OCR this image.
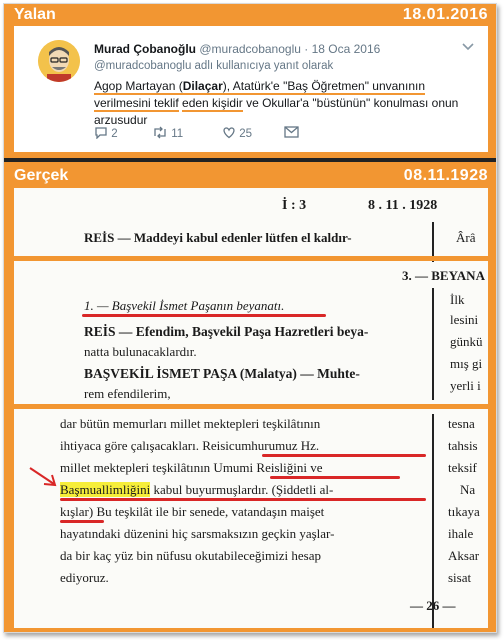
Yalan	18.01.2016
Murad Çobanoğlu @muradcobanoglu · 18 Oca 2016
@muradcobanoglu adlı kullanıcıya yanıt olarak
Agop Martayan (Dilaçar), Atatürk'e "Baş Öğretmen" unvanının verilmesini teklif eden kişidir ve Okullar'a "büstünün" konulması onun arzusudur
2	11	25
Gerçek	08.11.1928
İ : 3	8 . 11 . 1928
REİS — Maddeyi kabul edenler lütfen el kaldır-	Ârâ
3. — BEYANA
1. — Başvekil İsmet Paşanın beyanatı.	İlk
lesini
günkü
mış gi
yerli i
REİS — Efendim, Başvekil Paşa Hazretleri beya-
natta bulunacaklardır.
BAŞVEKİL İSMET PAŞA (Malatya) — Muhte-
rem efendilerim,
dar bütün memurları millet mektepleri teşkilâtının
ihtiyaca göre çalışacakları. Reisicumhurumuz Hz.
millet mektepleri teşkilâtının Umumi Reisliğini ve
Başmuallimliğini kabul buyurmuşlardır. (Şiddetli al-
kışlar) Bu teşkilât ile bir senede, vatandaşın maişet
hayatındaki düzenini hiç sarsmaksızın geçkin yaşlar-
da bir kaç yüz bin nüfusu okutabileceğimizi hesap
ediyoruz.
tesna
tahsis
teksif
Na
tıkaya
ihale
Aksar
sisat
— 26 —
